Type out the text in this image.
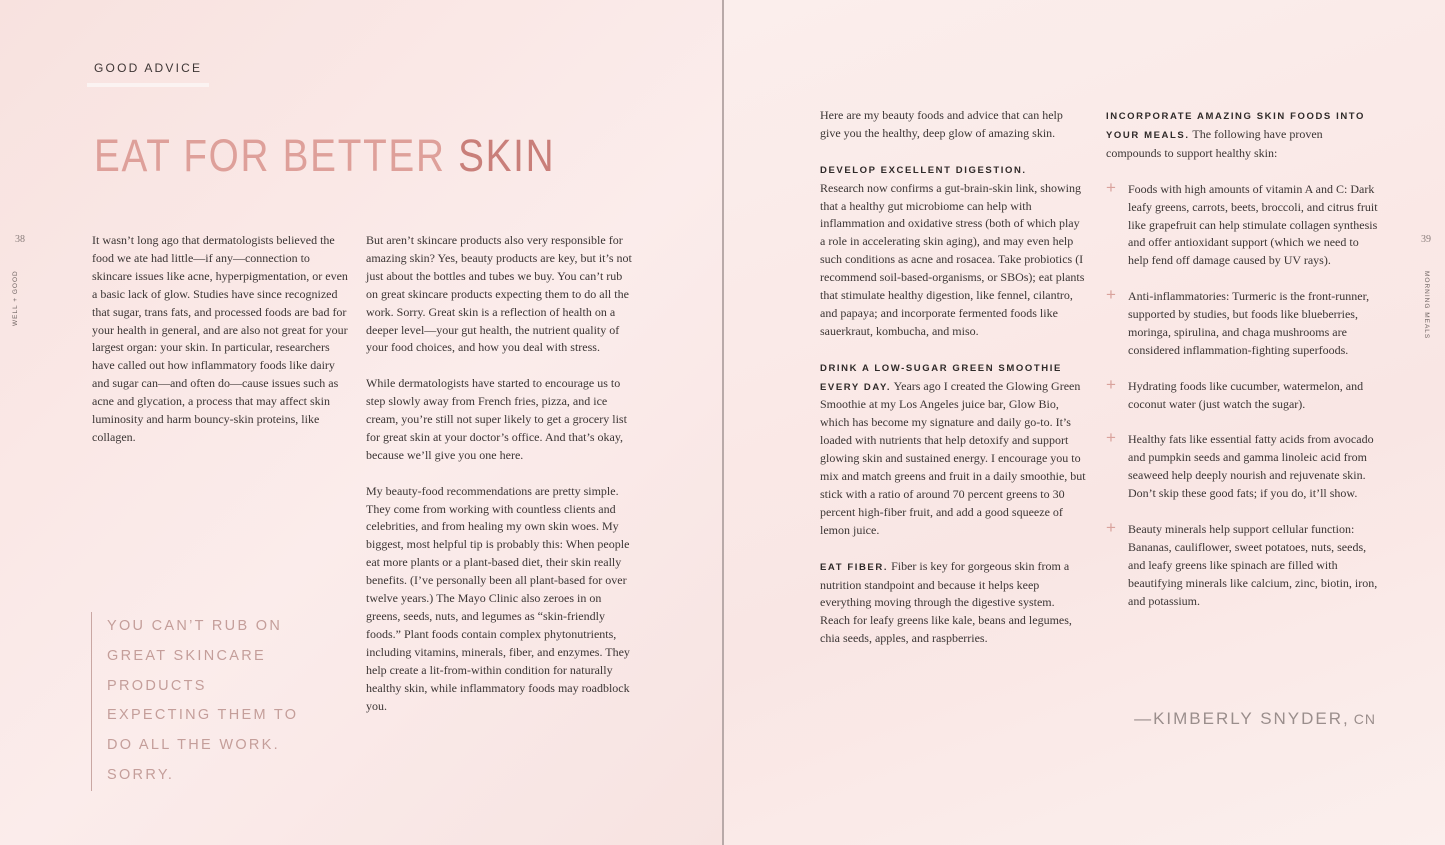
38
WELL + GOOD
GOOD ADVICE
EAT FOR BETTER SKIN

It wasn’t long ago that dermatologists believed the food we ate had little—if any—connection to skincare issues like acne, hyperpigmentation, or even a basic lack of glow. Studies have since recognized that sugar, trans fats, and processed foods are bad for your health in general, and are also not great for your largest organ: your skin. In particular, researchers have called out how inflammatory foods like dairy and sugar can—and often do—cause issues such as acne and glycation, a process that may affect skin luminosity and harm bouncy-skin proteins, like collagen.

YOU CAN’T RUB ON GREAT SKINCARE PRODUCTS EXPECTING THEM TO DO ALL THE WORK. SORRY.

But aren’t skincare products also very responsible for amazing skin? Yes, beauty products are key, but it’s not just about the bottles and tubes we buy. You can’t rub on great skincare products expecting them to do all the work. Sorry. Great skin is a reflection of health on a deeper level—your gut health, the nutrient quality of your food choices, and how you deal with stress.

While dermatologists have started to encourage us to step slowly away from French fries, pizza, and ice cream, you’re still not super likely to get a grocery list for great skin at your doctor’s office. And that’s okay, because we’ll give you one here.

My beauty-food recommendations are pretty simple. They come from working with countless clients and celebrities, and from healing my own skin woes. My biggest, most helpful tip is probably this: When people eat more plants or a plant-based diet, their skin really benefits. (I’ve personally been all plant-based for over twelve years.) The Mayo Clinic also zeroes in on greens, seeds, nuts, and legumes as “skin-friendly foods.” Plant foods contain complex phytonutrients, including vitamins, minerals, fiber, and enzymes. They help create a lit-from-within condition for naturally healthy skin, while inflammatory foods may roadblock you.

39
MORNING MEALS

Here are my beauty foods and advice that can help give you the healthy, deep glow of amazing skin.

DEVELOP EXCELLENT DIGESTION.
Research now confirms a gut-brain-skin link, showing that a healthy gut microbiome can help with inflammation and oxidative stress (both of which play a role in accelerating skin aging), and may even help such conditions as acne and rosacea. Take probiotics (I recommend soil-based-organisms, or SBOs); eat plants that stimulate healthy digestion, like fennel, cilantro, and papaya; and incorporate fermented foods like sauerkraut, kombucha, and miso.

DRINK A LOW-SUGAR GREEN SMOOTHIE EVERY DAY. Years ago I created the Glowing Green Smoothie at my Los Angeles juice bar, Glow Bio, which has become my signature and daily go-to. It’s loaded with nutrients that help detoxify and support glowing skin and sustained energy. I encourage you to mix and match greens and fruit in a daily smoothie, but stick with a ratio of around 70 percent greens to 30 percent high-fiber fruit, and add a good squeeze of lemon juice.

EAT FIBER. Fiber is key for gorgeous skin from a nutrition standpoint and because it helps keep everything moving through the digestive system. Reach for leafy greens like kale, beans and legumes, chia seeds, apples, and raspberries.

INCORPORATE AMAZING SKIN FOODS INTO YOUR MEALS. The following have proven compounds to support healthy skin:

+ Foods with high amounts of vitamin A and C: Dark leafy greens, carrots, beets, broccoli, and citrus fruit like grapefruit can help stimulate collagen synthesis and offer antioxidant support (which we need to help fend off damage caused by UV rays).
+ Anti-inflammatories: Turmeric is the front-runner, supported by studies, but foods like blueberries, moringa, spirulina, and chaga mushrooms are considered inflammation-fighting superfoods.
+ Hydrating foods like cucumber, watermelon, and coconut water (just watch the sugar).
+ Healthy fats like essential fatty acids from avocado and pumpkin seeds and gamma linoleic acid from seaweed help deeply nourish and rejuvenate skin. Don’t skip these good fats; if you do, it’ll show.
+ Beauty minerals help support cellular function: Bananas, cauliflower, sweet potatoes, nuts, seeds, and leafy greens like spinach are filled with beautifying minerals like calcium, zinc, biotin, iron, and potassium.
—KIMBERLY SNYDER, CN
